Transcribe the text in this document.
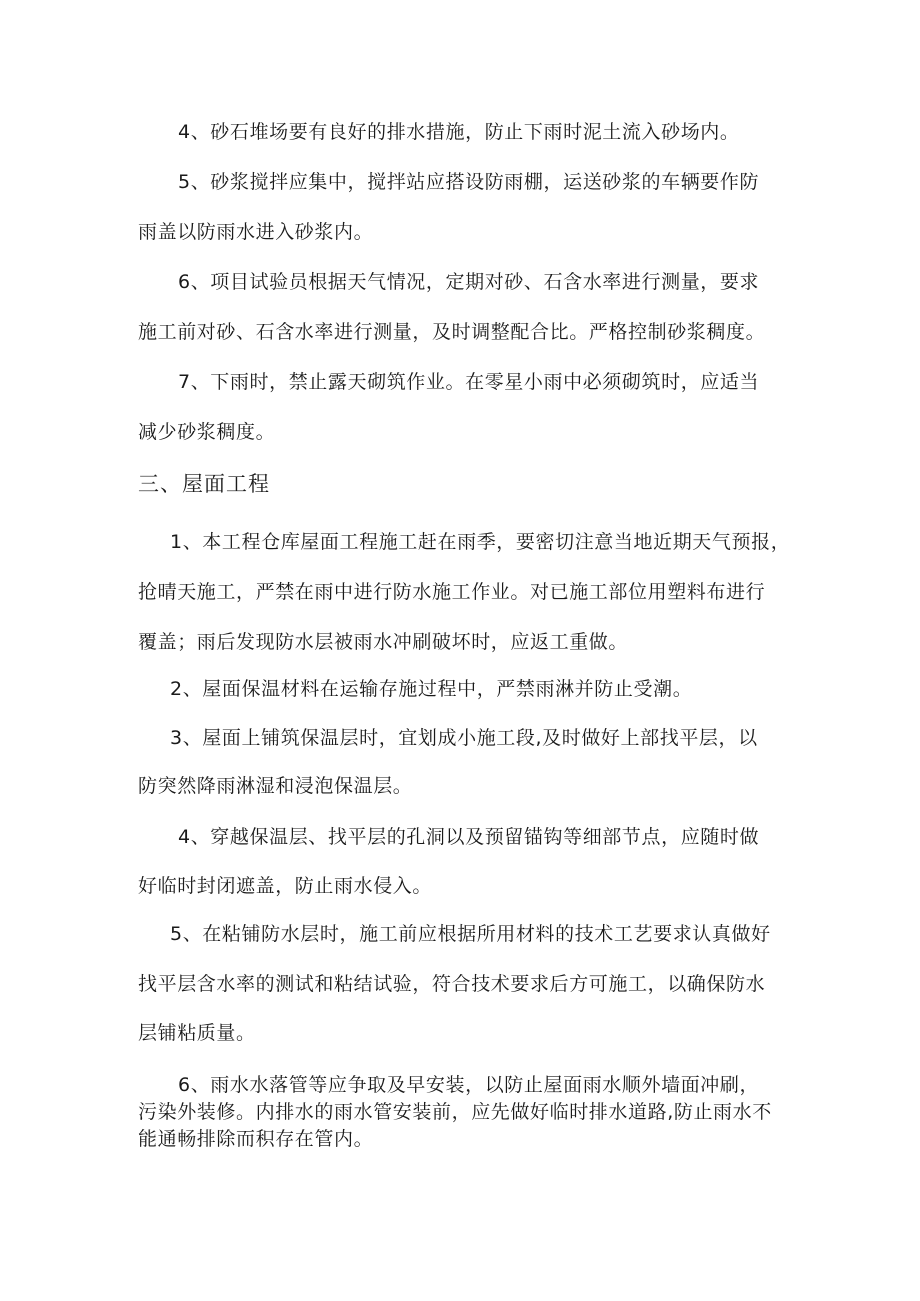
4、砂石堆场要有良好的排水措施，防止下雨时泥土流入砂场内。
5、砂浆搅拌应集中，搅拌站应搭设防雨棚，运送砂浆的车辆要作防
雨盖以防雨水进入砂浆内。
6、项目试验员根据天气情况，定期对砂、石含水率进行测量，要求
施工前对砂、石含水率进行测量，及时调整配合比。严格控制砂浆稠度。
7、下雨时，禁止露天砌筑作业。在零星小雨中必须砌筑时，应适当
减少砂浆稠度。
三、屋面工程
1、本工程仓库屋面工程施工赶在雨季，要密切注意当地近期天气预报，
抢晴天施工，严禁在雨中进行防水施工作业。对已施工部位用塑料布进行
覆盖；雨后发现防水层被雨水冲刷破坏时，应返工重做。
2、屋面保温材料在运输存施过程中，严禁雨淋并防止受潮。
3、屋面上铺筑保温层时，宜划成小施工段,及时做好上部找平层，以
防突然降雨淋湿和浸泡保温层。
4、穿越保温层、找平层的孔洞以及预留锚钩等细部节点，应随时做
好临时封闭遮盖，防止雨水侵入。
5、在粘铺防水层时，施工前应根据所用材料的技术工艺要求认真做好
找平层含水率的测试和粘结试验，符合技术要求后方可施工，以确保防水
层铺粘质量。
6、雨水水落管等应争取及早安装，以防止屋面雨水顺外墙面冲刷，
污染外装修。内排水的雨水管安装前，应先做好临时排水道路,防止雨水不
能通畅排除而积存在管内。
